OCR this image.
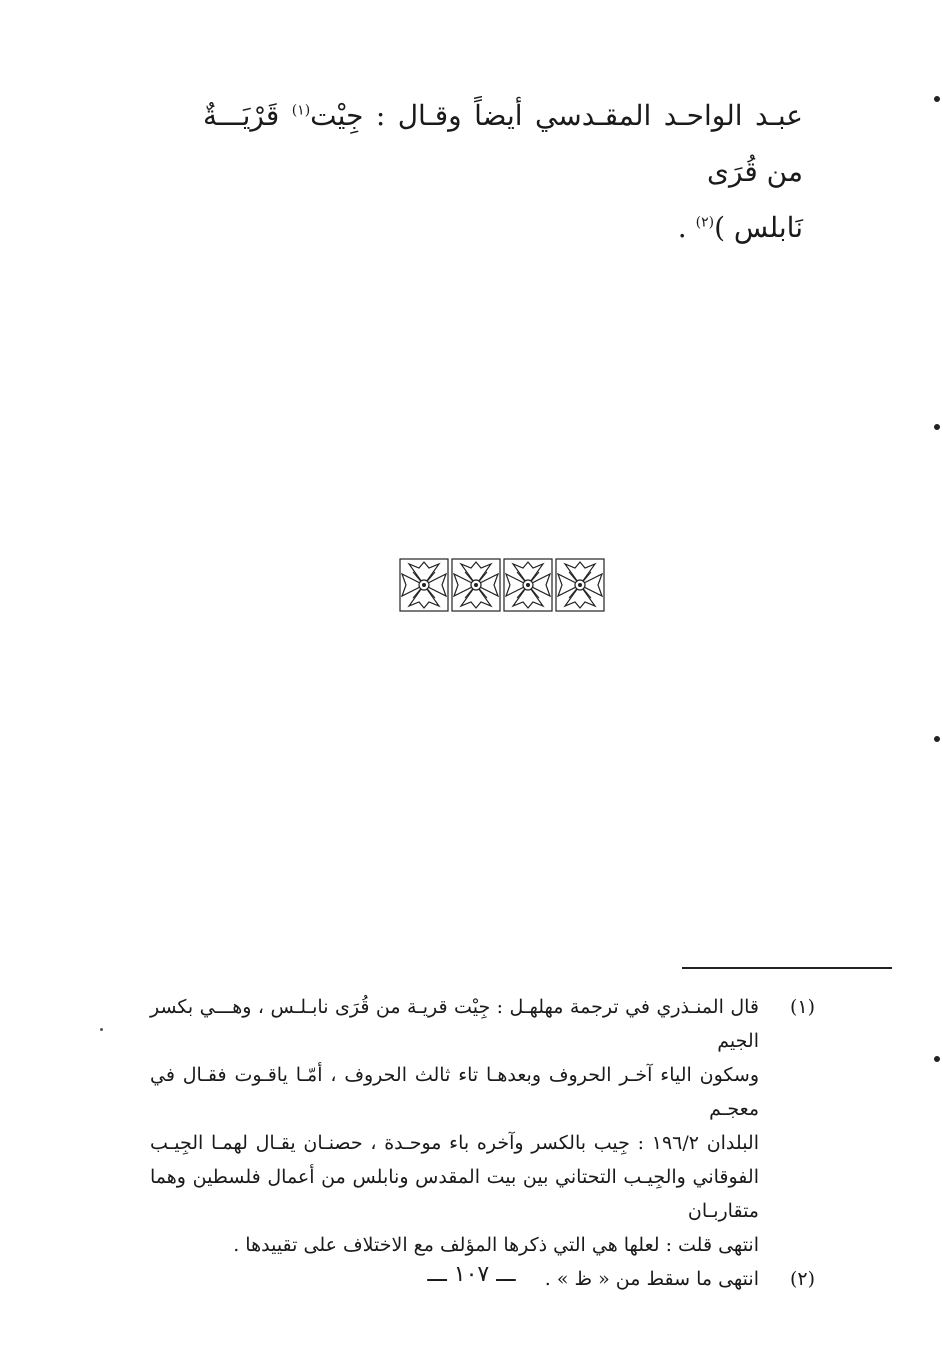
عبـد الواحـد المقـدسي أيضاً وقـال : جِيْت$^{(١)}$ قَرْيَـــةٌ من قُرَى
نَابلس )$^{(٢)}$ .
(١)
قال المنـذري في ترجمة مهلهـل : جِيْت قريـة من قُرَى نابـلـس ، وهـــي بكسر الجيم
وسكون الياء آخـر الحروف وبعدهـا تاء ثالث الحروف ، أمّـا ياقـوت فقـال في معجـم
البلدان ١٩٦/٢ : جِيب بالكسر وآخره باء موحـدة ، حصنـان يقـال لهمـا الجِيـب
الفوقاني والجِيـب التحتاني بين بيت المقدس ونابلس من أعمال فلسطين وهما متقاربـان
انتهى قلت : لعلها هي التي ذكرها المؤلف مع الاختلاف على تقييدها .
(٢)
انتهى ما سقط من « ظ » .
ـــ ١٠٧ ـــ
